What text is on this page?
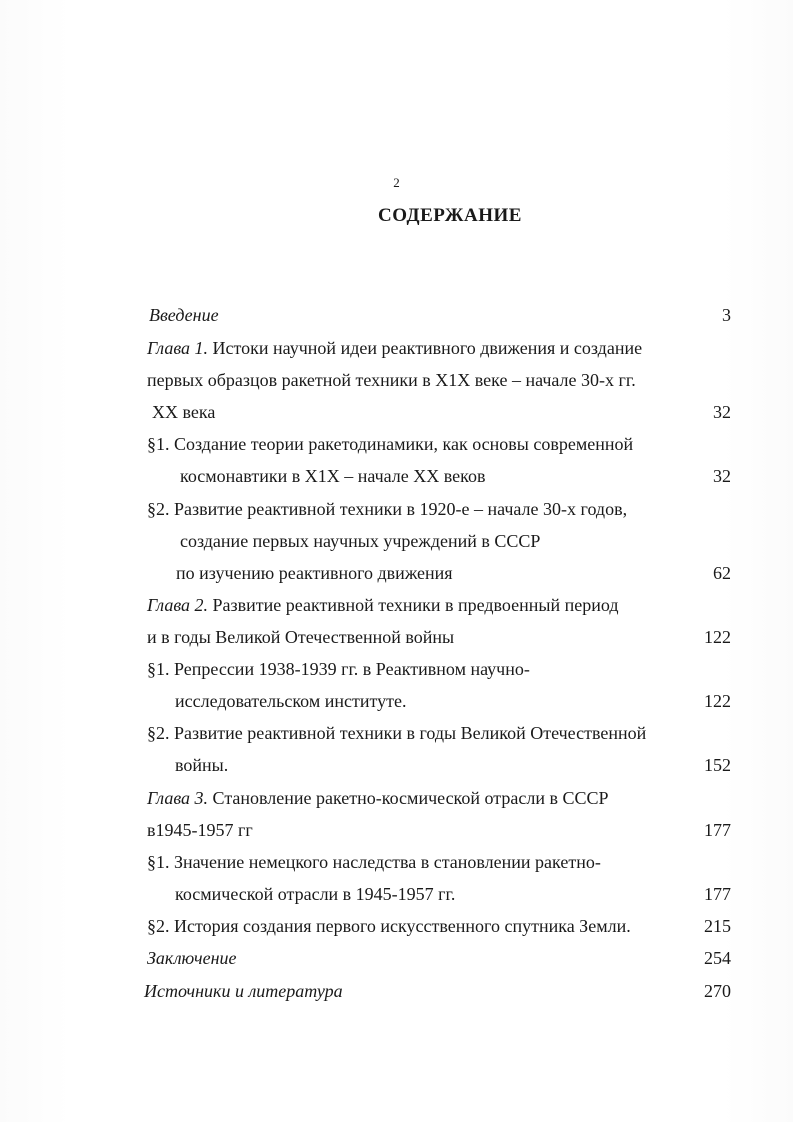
2
СОДЕРЖАНИЕ
Введение	3
Глава 1. Истоки научной идеи реактивного движения и создание
первых образцов ракетной техники в Х1Х веке – начале 30-х гг.
ХХ века	32
§1. Создание теории ракетодинамики, как основы современной
космонавтики в Х1Х – начале ХХ веков	32
§2. Развитие реактивной техники в 1920-е – начале 30-х годов,
создание первых научных учреждений в СССР
по изучению реактивного движения	62
Глава 2. Развитие реактивной техники в предвоенный период
и в годы Великой Отечественной войны	122
§1. Репрессии 1938-1939 гг. в Реактивном научно-
исследовательском институте.	122
§2. Развитие реактивной техники в годы Великой Отечественной
войны.	152
Глава 3. Становление ракетно-космической отрасли в СССР
в1945-1957 гг	177
§1. Значение немецкого наследства в становлении ракетно-
космической отрасли в 1945-1957 гг.	177
§2. История создания первого искусственного спутника Земли.	215
Заключение	254
Источники и литература	270
